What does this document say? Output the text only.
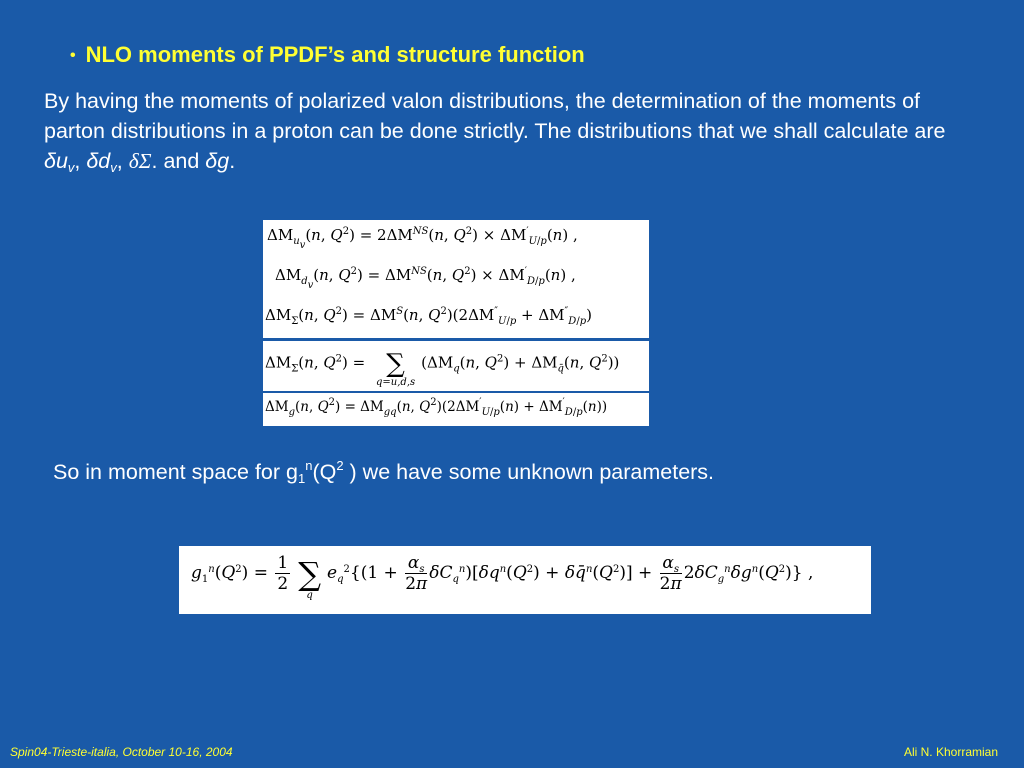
• NLO moments of PPDF’s and structure function
By having the moments of polarized valon distributions, the determination of the moments of parton distributions in a proton can be done strictly. The distributions that we shall calculate are $\delta u_v$, $\delta d_v$, δΣ. and δg.
$\Delta M_{u_v}(n$, $Q^2) = 2\Delta M^{NS}(n$, $Q^2) \times \Delta M'_{U/p}(n)$ ,
$\Delta M_{d_v}(n$, $Q^2) = \Delta M^{NS}(n$, $Q^2) \times \Delta M'_{D/p}(n)$ ,
$\Delta M_\Sigma(n$, $Q^2) = \Delta M^S(n$, $Q^2)(2\Delta M''_{U/p} + \Delta M''_{D/p})$
$\Delta M_\Sigma(n$, $Q^2$) = ∑
q=u,d,s
($\Delta M_q(n$, $Q^2) + \Delta M_{q̄}(n$, $Q^2$))
$\Delta M_g(n$, $Q^2) = \Delta M_{gq}(n$, $Q^2)(2\Delta M'_{U/p}(n) + \Delta M'_{D/p}(n))$
So in moment space for $g_1^n(Q^2$ ) we have some unknown parameters.
$g_1^n(Q^2) = \frac{1}{2}$ ∑
q
$e_q^2\{(1 + \frac{\alpha_s}{2\pi} \delta C_q^n)[\delta q^n(Q^2)$ + $\delta q̄^n(Q^2)] + \frac{\alpha_s}{2\pi} 2\delta C_g^n\delta g^n(Q^2)$} ,
Spin04-Trieste-italia, October 10-16, 2004	Ali N. Khorramian
